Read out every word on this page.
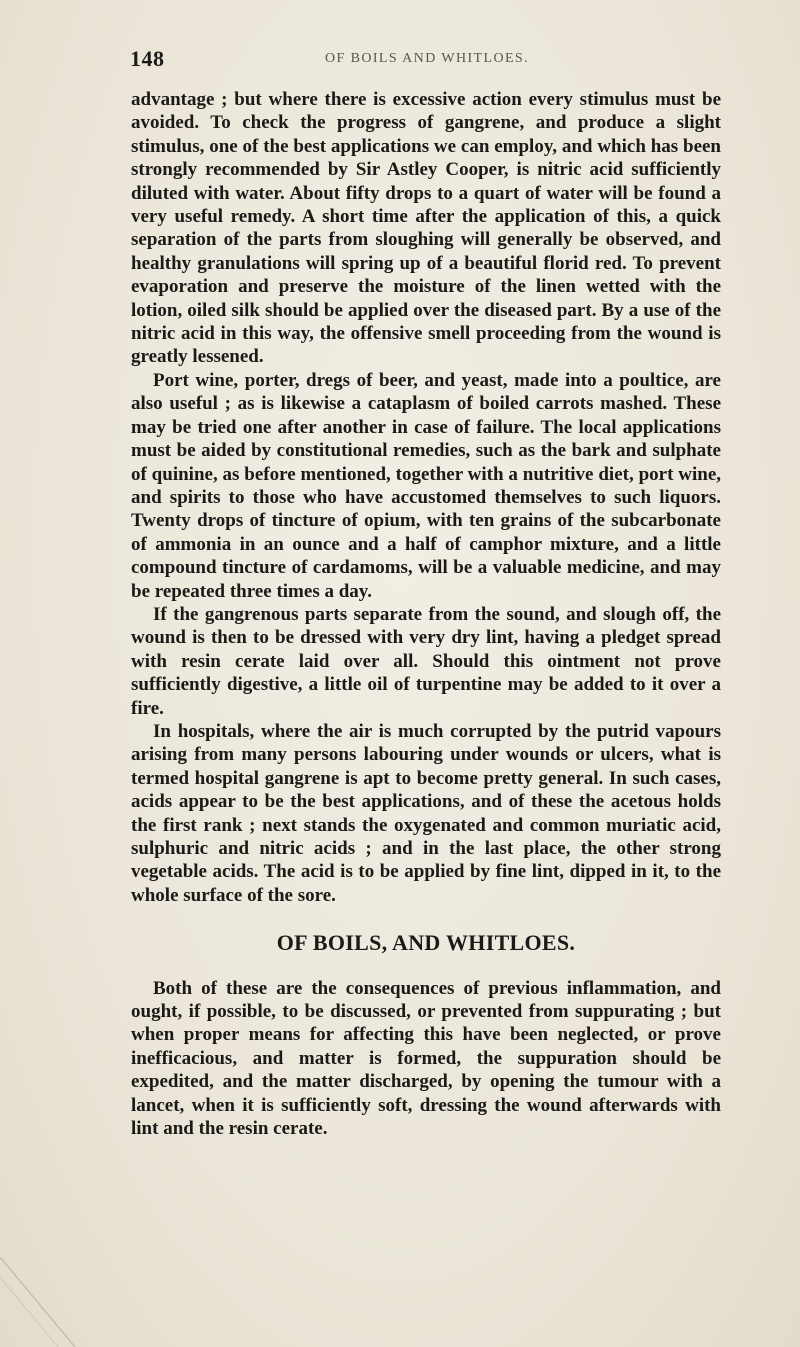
148	OF BOILS AND WHITLOES.

advantage ; but where there is excessive action every stimulus must be avoided. To check the progress of gangrene, and produce a slight stimulus, one of the best applications we can employ, and which has been strongly recommended by Sir Astley Cooper, is nitric acid sufficiently diluted with water. About fifty drops to a quart of water will be found a very useful remedy. A short time after the application of this, a quick separation of the parts from sloughing will generally be observed, and healthy granulations will spring up of a beautiful florid red. To prevent evaporation and preserve the moisture of the linen wetted with the lotion, oiled silk should be applied over the diseased part. By a use of the nitric acid in this way, the offensive smell proceeding from the wound is greatly lessened.

Port wine, porter, dregs of beer, and yeast, made into a poultice, are also useful ; as is likewise a cataplasm of boiled carrots mashed. These may be tried one after another in case of failure. The local applications must be aided by constitutional remedies, such as the bark and sulphate of quinine, as before mentioned, together with a nutritive diet, port wine, and spirits to those who have accustomed themselves to such liquors. Twenty drops of tincture of opium, with ten grains of the subcarbonate of ammonia in an ounce and a half of camphor mixture, and a little compound tincture of cardamoms, will be a valuable medicine, and may be repeated three times a day.

If the gangrenous parts separate from the sound, and slough off, the wound is then to be dressed with very dry lint, having a pledget spread with resin cerate laid over all. Should this ointment not prove sufficiently digestive, a little oil of turpentine may be added to it over a fire.

In hospitals, where the air is much corrupted by the putrid vapours arising from many persons labouring under wounds or ulcers, what is termed hospital gangrene is apt to become pretty general. In such cases, acids appear to be the best applications, and of these the acetous holds the first rank ; next stands the oxygenated and common muriatic acid, sulphuric and nitric acids ; and in the last place, the other strong vegetable acids. The acid is to be applied by fine lint, dipped in it, to the whole surface of the sore.

OF BOILS, AND WHITLOES.

Both of these are the consequences of previous inflammation, and ought, if possible, to be discussed, or prevented from suppurating ; but when proper means for affecting this have been neglected, or prove inefficacious, and matter is formed, the suppuration should be expedited, and the matter discharged, by opening the tumour with a lancet, when it is sufficiently soft, dressing the wound afterwards with lint and the resin cerate.
